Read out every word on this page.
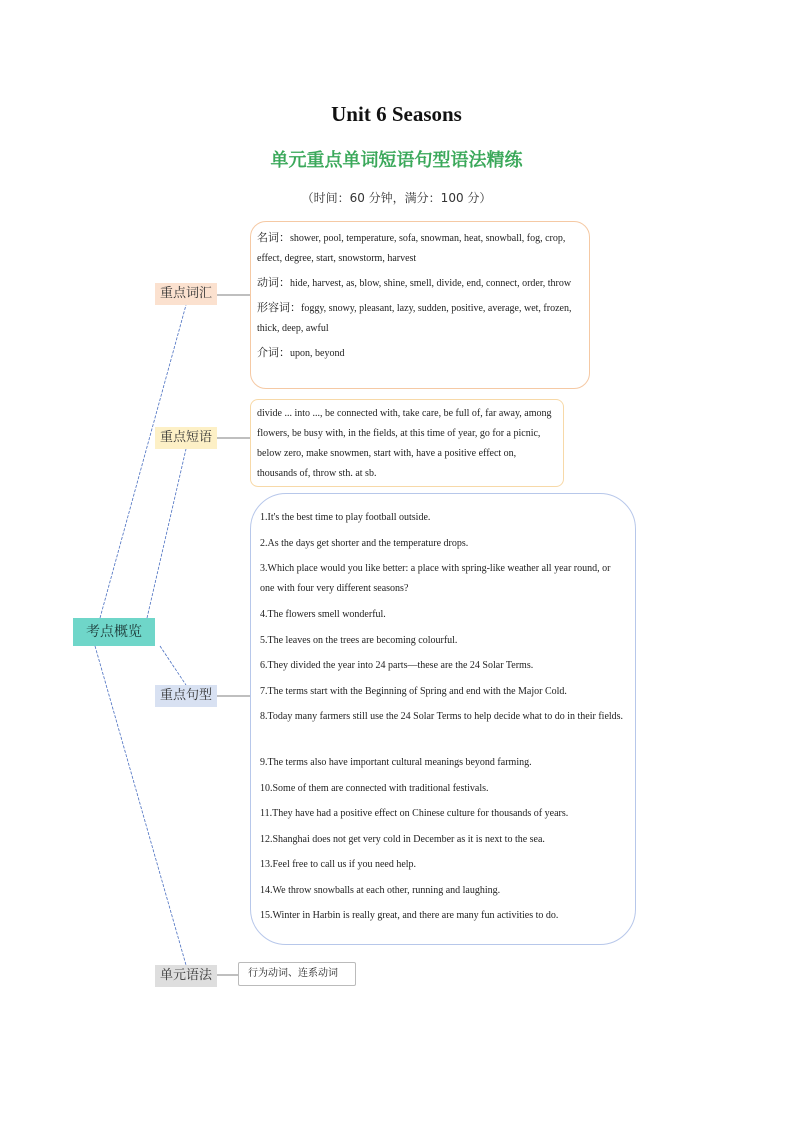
Unit 6 Seasons
单元重点单词短语句型语法精练
（时间：60 分钟，满分：100 分）
考点概览
重点词汇
重点短语
重点句型
单元语法
名词：shower, pool, temperature, sofa, snowman, heat, snowball, fog, crop, effect, degree, start, snowstorm, harvest
动词：hide, harvest, as, blow, shine, smell, divide, end, connect, order, throw
形容词：foggy, snowy, pleasant, lazy, sudden, positive, average, wet, frozen, thick, deep, awful
介词：upon, beyond
divide ... into ..., be connected with, take care, be full of, far away, among flowers, be busy with, in the fields, at this time of year, go for a picnic, below zero, make snowmen, start with, have a positive effect on, thousands of, throw sth. at sb.
1.It's the best time to play football outside.
2.As the days get shorter and the temperature drops.
3.Which place would you like better: a place with spring-like weather all year round, or one with four very different seasons?
4.The flowers smell wonderful.
5.The leaves on the trees are becoming colourful.
6.They divided the year into 24 parts—these are the 24 Solar Terms.
7.The terms start with the Beginning of Spring and end with the Major Cold.
8.Today many farmers still use the 24 Solar Terms to help decide what to do in their fields.
9.The terms also have important cultural meanings beyond farming.
10.Some of them are connected with traditional festivals.
11.They have had a positive effect on Chinese culture for thousands of years.
12.Shanghai does not get very cold in December as it is next to the sea.
13.Feel free to call us if you need help.
14.We throw snowballs at each other, running and laughing.
15.Winter in Harbin is really great, and there are many fun activities to do.
行为动词、连系动词
